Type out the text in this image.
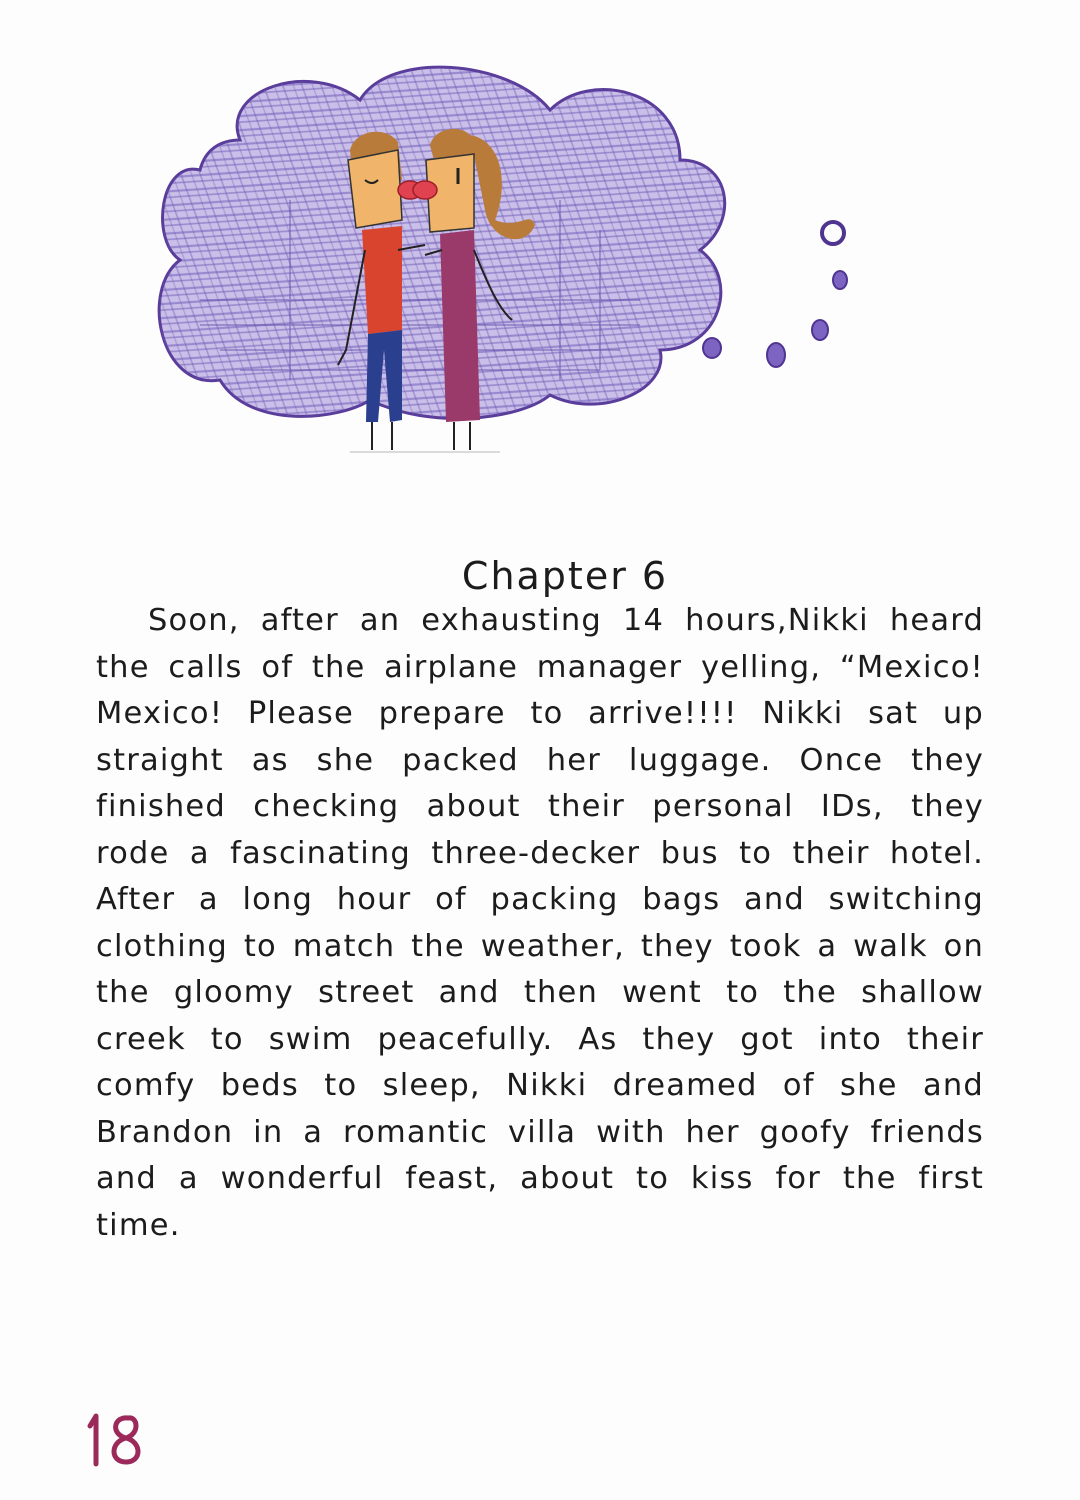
Chapter 6

Soon, after an exhausting 14 hours,Nikki heard the calls of the airplane manager yelling, “Mexico! Mexico! Please prepare to arrive!!!! Nikki sat up straight as she packed her luggage. Once they finished checking about their personal IDs, they rode a fascinating three-decker bus to their hotel. After a long hour of packing bags and switching clothing to match the weather, they took a walk on the gloomy street and then went to the shallow creek to swim peacefully. As they got into their comfy beds to sleep, Nikki dreamed of she and Brandon in a romantic villa with her goofy friends and a wonderful feast, about to kiss for the first time.
